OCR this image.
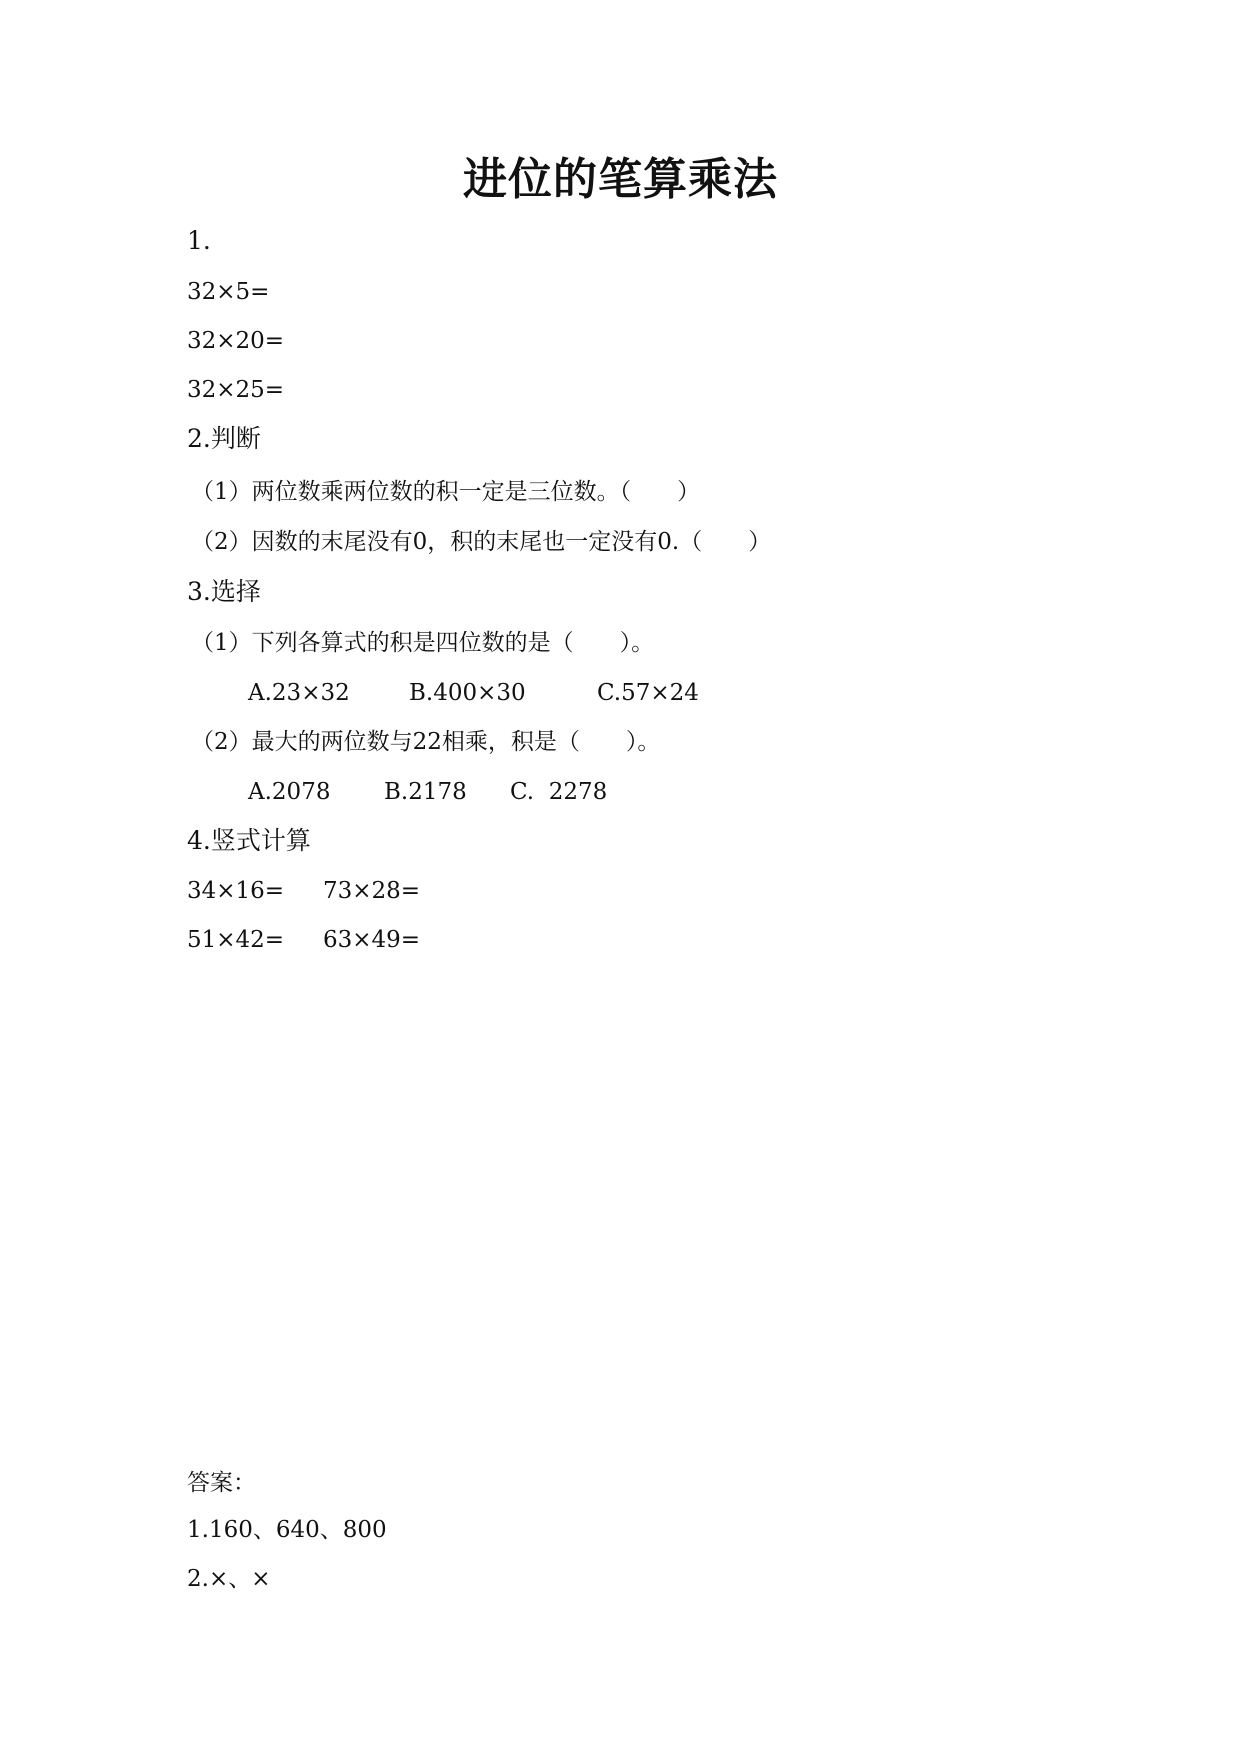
进位的笔算乘法
1.
32×5=
32×20=
32×25=
2.判断
（1）两位数乘两位数的积一定是三位数。（　　）
（2）因数的末尾没有0，积的末尾也一定没有0.（　　）
3.选择
（1）下列各算式的积是四位数的是（　　）。
A.23×32	B.400×30	C.57×24
（2）最大的两位数与22相乘，积是（　　）。
A.2078 B.2178 C.  2278
4.竖式计算
34×16= 73×28=
51×42= 63×49=
答案：
1.160、640、800
2.×、×
